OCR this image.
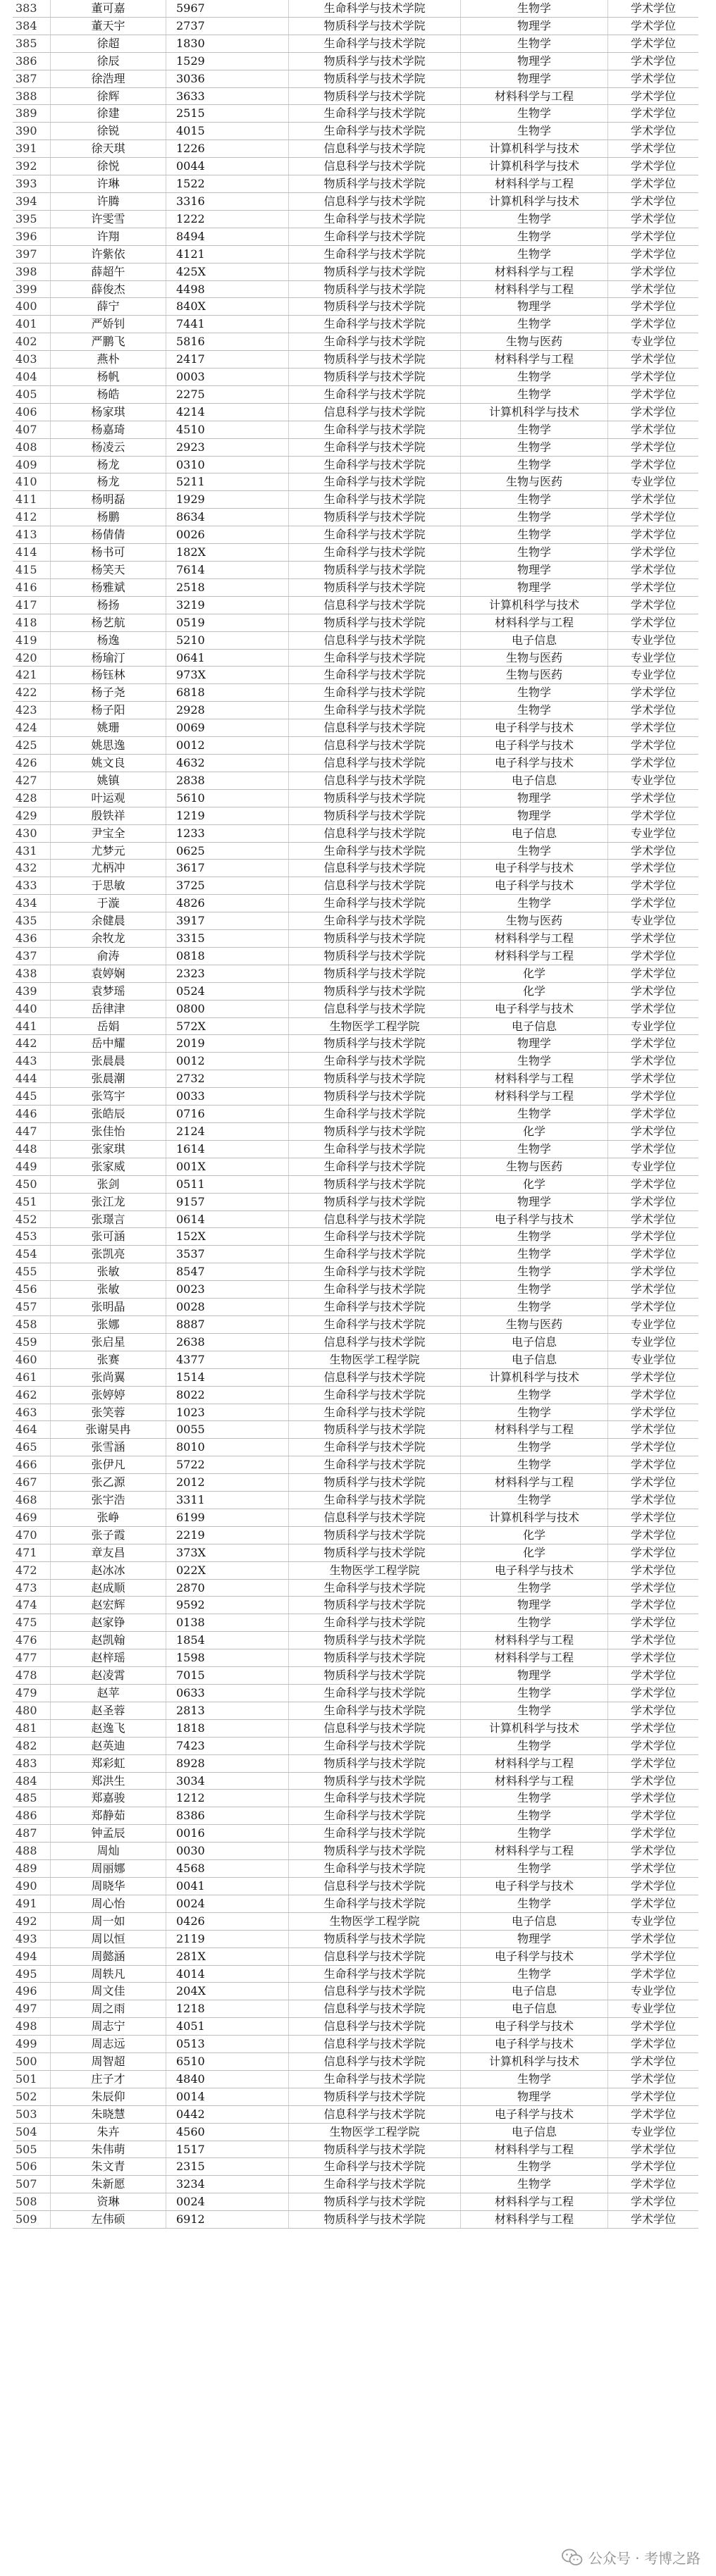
383	董可嘉	5967	生命科学与技术学院	生物学	学术学位
384	董天宇	2737	物质科学与技术学院	物理学	学术学位
385	徐超	1830	生命科学与技术学院	生物学	学术学位
386	徐辰	1529	物质科学与技术学院	物理学	学术学位
387	徐浩理	3036	物质科学与技术学院	物理学	学术学位
388	徐辉	3633	物质科学与技术学院	材料科学与工程	学术学位
389	徐建	2515	生命科学与技术学院	生物学	学术学位
390	徐锐	4015	生命科学与技术学院	生物学	学术学位
391	徐天琪	1226	信息科学与技术学院	计算机科学与技术	学术学位
392	徐悦	0044	信息科学与技术学院	计算机科学与技术	学术学位
393	许琳	1522	物质科学与技术学院	材料科学与工程	学术学位
394	许腾	3316	信息科学与技术学院	计算机科学与技术	学术学位
395	许雯雪	1222	生命科学与技术学院	生物学	学术学位
396	许翔	8494	生命科学与技术学院	生物学	学术学位
397	许紫依	4121	生命科学与技术学院	生物学	学术学位
398	薛超午	425X	物质科学与技术学院	材料科学与工程	学术学位
399	薛俊杰	4498	物质科学与技术学院	材料科学与工程	学术学位
400	薛宁	840X	物质科学与技术学院	物理学	学术学位
401	严娇钊	7441	生命科学与技术学院	生物学	学术学位
402	严鹏飞	5816	生命科学与技术学院	生物与医药	专业学位
403	燕朴	2417	物质科学与技术学院	材料科学与工程	学术学位
404	杨帆	0003	物质科学与技术学院	生物学	学术学位
405	杨皓	2275	生命科学与技术学院	生物学	学术学位
406	杨家琪	4214	信息科学与技术学院	计算机科学与技术	学术学位
407	杨嘉琦	4510	生命科学与技术学院	生物学	学术学位
408	杨凌云	2923	生命科学与技术学院	生物学	学术学位
409	杨龙	0310	生命科学与技术学院	生物学	学术学位
410	杨龙	5211	生命科学与技术学院	生物与医药	专业学位
411	杨明磊	1929	生命科学与技术学院	生物学	学术学位
412	杨鹏	8634	物质科学与技术学院	生物学	学术学位
413	杨倩倩	0026	生命科学与技术学院	生物学	学术学位
414	杨书可	182X	生命科学与技术学院	生物学	学术学位
415	杨笑天	7614	物质科学与技术学院	物理学	学术学位
416	杨雅斌	2518	物质科学与技术学院	物理学	学术学位
417	杨扬	3219	信息科学与技术学院	计算机科学与技术	学术学位
418	杨艺航	0519	物质科学与技术学院	材料科学与工程	学术学位
419	杨逸	5210	信息科学与技术学院	电子信息	专业学位
420	杨瑜汀	0641	生命科学与技术学院	生物与医药	专业学位
421	杨钰林	973X	生命科学与技术学院	生物与医药	专业学位
422	杨子尧	6818	生命科学与技术学院	生物学	学术学位
423	杨子阳	2928	生命科学与技术学院	生物学	学术学位
424	姚珊	0069	信息科学与技术学院	电子科学与技术	学术学位
425	姚思逸	0012	信息科学与技术学院	电子科学与技术	学术学位
426	姚文良	4632	信息科学与技术学院	电子科学与技术	学术学位
427	姚镇	2838	信息科学与技术学院	电子信息	专业学位
428	叶运观	5610	物质科学与技术学院	物理学	学术学位
429	殷铁祥	1219	物质科学与技术学院	物理学	学术学位
430	尹宝全	1233	信息科学与技术学院	电子信息	专业学位
431	尤梦元	0625	生命科学与技术学院	生物学	学术学位
432	尤柄冲	3617	信息科学与技术学院	电子科学与技术	学术学位
433	于思敏	3725	信息科学与技术学院	电子科学与技术	学术学位
434	于漩	4826	生命科学与技术学院	生物学	学术学位
435	余健晨	3917	生命科学与技术学院	生物与医药	专业学位
436	余牧龙	3315	物质科学与技术学院	材料科学与工程	学术学位
437	俞涛	0818	物质科学与技术学院	材料科学与工程	学术学位
438	袁婷娴	2323	物质科学与技术学院	化学	学术学位
439	袁梦瑶	0524	物质科学与技术学院	化学	学术学位
440	岳律津	0800	信息科学与技术学院	电子科学与技术	学术学位
441	岳娟	572X	生物医学工程学院	电子信息	专业学位
442	岳中耀	2019	物质科学与技术学院	物理学	学术学位
443	张晨晨	0012	生命科学与技术学院	生物学	学术学位
444	张晨潮	2732	物质科学与技术学院	材料科学与工程	学术学位
445	张笃宇	0033	物质科学与技术学院	材料科学与工程	学术学位
446	张皓辰	0716	生命科学与技术学院	生物学	学术学位
447	张佳怡	2124	物质科学与技术学院	化学	学术学位
448	张家琪	1614	生命科学与技术学院	生物学	学术学位
449	张家威	001X	生命科学与技术学院	生物与医药	专业学位
450	张剑	0511	物质科学与技术学院	化学	学术学位
451	张江龙	9157	物质科学与技术学院	物理学	学术学位
452	张璟言	0614	信息科学与技术学院	电子科学与技术	学术学位
453	张可涵	152X	生命科学与技术学院	生物学	学术学位
454	张凯亮	3537	生命科学与技术学院	生物学	学术学位
455	张敏	8547	生命科学与技术学院	生物学	学术学位
456	张敏	0023	生命科学与技术学院	生物学	学术学位
457	张明晶	0028	生命科学与技术学院	生物学	学术学位
458	张娜	8887	生命科学与技术学院	生物与医药	专业学位
459	张启星	2638	信息科学与技术学院	电子信息	专业学位
460	张赛	4377	生物医学工程学院	电子信息	专业学位
461	张尚翼	1514	信息科学与技术学院	计算机科学与技术	学术学位
462	张婷婷	8022	生命科学与技术学院	生物学	学术学位
463	张笑蓉	1023	生命科学与技术学院	生物学	学术学位
464	张谢昊冉	0055	物质科学与技术学院	材料科学与工程	学术学位
465	张雪涵	8010	生命科学与技术学院	生物学	学术学位
466	张伊凡	5722	生命科学与技术学院	生物学	学术学位
467	张乙源	2012	物质科学与技术学院	材料科学与工程	学术学位
468	张宇浩	3311	生命科学与技术学院	生物学	学术学位
469	张峥	6199	信息科学与技术学院	计算机科学与技术	学术学位
470	张子霞	2219	物质科学与技术学院	化学	学术学位
471	章友昌	373X	物质科学与技术学院	化学	学术学位
472	赵冰冰	022X	生物医学工程学院	电子科学与技术	学术学位
473	赵成顺	2870	生命科学与技术学院	生物学	学术学位
474	赵宏辉	9592	物质科学与技术学院	物理学	学术学位
475	赵家铮	0138	生命科学与技术学院	生物学	学术学位
476	赵凯翰	1854	物质科学与技术学院	材料科学与工程	学术学位
477	赵梓瑶	1598	物质科学与技术学院	材料科学与工程	学术学位
478	赵凌霄	7015	物质科学与技术学院	物理学	学术学位
479	赵苹	0633	生命科学与技术学院	生物学	学术学位
480	赵圣蓉	2813	生命科学与技术学院	生物学	学术学位
481	赵逸飞	1818	信息科学与技术学院	计算机科学与技术	学术学位
482	赵英迪	7423	生命科学与技术学院	生物学	学术学位
483	郑彩虹	8928	物质科学与技术学院	材料科学与工程	学术学位
484	郑洪生	3034	物质科学与技术学院	材料科学与工程	学术学位
485	郑嘉骏	1212	生命科学与技术学院	生物学	学术学位
486	郑静茹	8386	生命科学与技术学院	生物学	学术学位
487	钟孟辰	0016	生命科学与技术学院	生物学	学术学位
488	周灿	0030	物质科学与技术学院	材料科学与工程	学术学位
489	周丽娜	4568	生命科学与技术学院	生物学	学术学位
490	周晓华	0041	信息科学与技术学院	电子科学与技术	学术学位
491	周心怡	0024	生命科学与技术学院	生物学	学术学位
492	周一如	0426	生物医学工程学院	电子信息	专业学位
493	周以恒	2119	物质科学与技术学院	物理学	学术学位
494	周懿涵	281X	信息科学与技术学院	电子科学与技术	学术学位
495	周轶凡	4014	生命科学与技术学院	生物学	学术学位
496	周文佳	204X	信息科学与技术学院	电子信息	专业学位
497	周之雨	1218	信息科学与技术学院	电子信息	专业学位
498	周志宁	4051	信息科学与技术学院	电子科学与技术	学术学位
499	周志远	0513	信息科学与技术学院	电子科学与技术	学术学位
500	周智超	6510	信息科学与技术学院	计算机科学与技术	学术学位
501	庄子才	4840	生命科学与技术学院	生物学	学术学位
502	朱辰仰	0014	物质科学与技术学院	物理学	学术学位
503	朱晓慧	0442	信息科学与技术学院	电子科学与技术	学术学位
504	朱卉	4560	生物医学工程学院	电子信息	专业学位
505	朱伟萌	1517	物质科学与技术学院	材料科学与工程	学术学位
506	朱文青	2315	生命科学与技术学院	生物学	学术学位
507	朱新愿	3234	生命科学与技术学院	生物学	学术学位
508	资琳	0024	物质科学与技术学院	材料科学与工程	学术学位
509	左伟硕	6912	物质科学与技术学院	材料科学与工程	学术学位
公众号 · 考博之路
